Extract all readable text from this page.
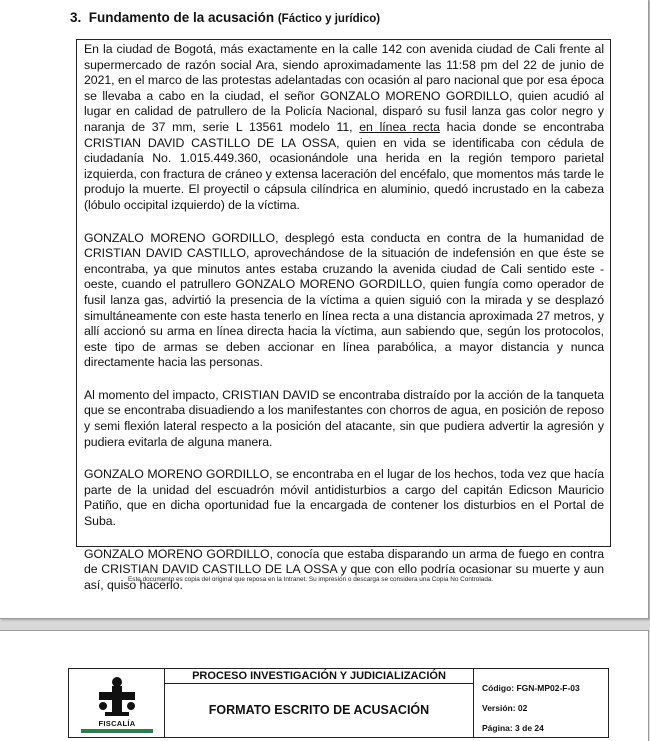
3. Fundamento de la acusación (Fáctico y jurídico)

En la ciudad de Bogotá, más exactamente en la calle 142 con avenida ciudad de Cali frente al supermercado de razón social Ara, siendo aproximadamente las 11:58 pm del 22 de junio de 2021, en el marco de las protestas adelantadas con ocasión al paro nacional que por esa época se llevaba a cabo en la ciudad, el señor GONZALO MORENO GORDILLO, quien acudió al lugar en calidad de patrullero de la Policía Nacional, disparó su fusil lanza gas color negro y naranja de 37 mm, serie L 13561 modelo 11, en línea recta hacia donde se encontraba CRISTIAN DAVID CASTILLO DE LA OSSA, quien en vida se identificaba con cédula de ciudadanía No. 1.015.449.360, ocasionándole una herida en la región temporo parietal izquierda, con fractura de cráneo y extensa laceración del encéfalo, que momentos más tarde le produjo la muerte. El proyectil o cápsula cilíndrica en aluminio, quedó incrustado en la cabeza (lóbulo occipital izquierdo) de la víctima.

GONZALO MORENO GORDILLO, desplegó esta conducta en contra de la humanidad de CRISTIAN DAVID CASTILLO, aprovechándose de la situación de indefensión en que éste se encontraba, ya que minutos antes estaba cruzando la avenida ciudad de Cali sentido este - oeste, cuando el patrullero GONZALO MORENO GORDILLO, quien fungía como operador de fusil lanza gas, advirtió la presencia de la víctima a quien siguió con la mirada y se desplazó simultáneamente con este hasta tenerlo en línea recta a una distancia aproximada 27 metros, y allí accionó su arma en línea directa hacia la víctima, aun sabiendo que, según los protocolos, este tipo de armas se deben accionar en línea parabólica, a mayor distancia y nunca directamente hacia las personas.

Al momento del impacto, CRISTIAN DAVID se encontraba distraído por la acción de la tanqueta que se encontraba disuadiendo a los manifestantes con chorros de agua, en posición de reposo y semi flexión lateral respecto a la posición del atacante, sin que pudiera advertir la agresión y pudiera evitarla de alguna manera.

GONZALO MORENO GORDILLO, se encontraba en el lugar de los hechos, toda vez que hacía parte de la unidad del escuadrón móvil antidisturbios a cargo del capitán Edicson Mauricio Patiño, que en dicha oportunidad fue la encargada de contener los disturbios en el Portal de Suba.

GONZALO MORENO GORDILLO, conocía que estaba disparando un arma de fuego en contra de CRISTIAN DAVID CASTILLO DE LA OSSA y que con ello podría ocasionar su muerte y aun así, quiso hacerlo.

Este documento es copia del original que reposa en la Intranet. Su impresión o descarga se considera una Copia No Controlada.

FISCALÍA
PROCESO INVESTIGACIÓN Y JUDICIALIZACIÓN
FORMATO ESCRITO DE ACUSACIÓN
Código: FGN-MP02-F-03
Versión: 02
Página: 3 de 24
